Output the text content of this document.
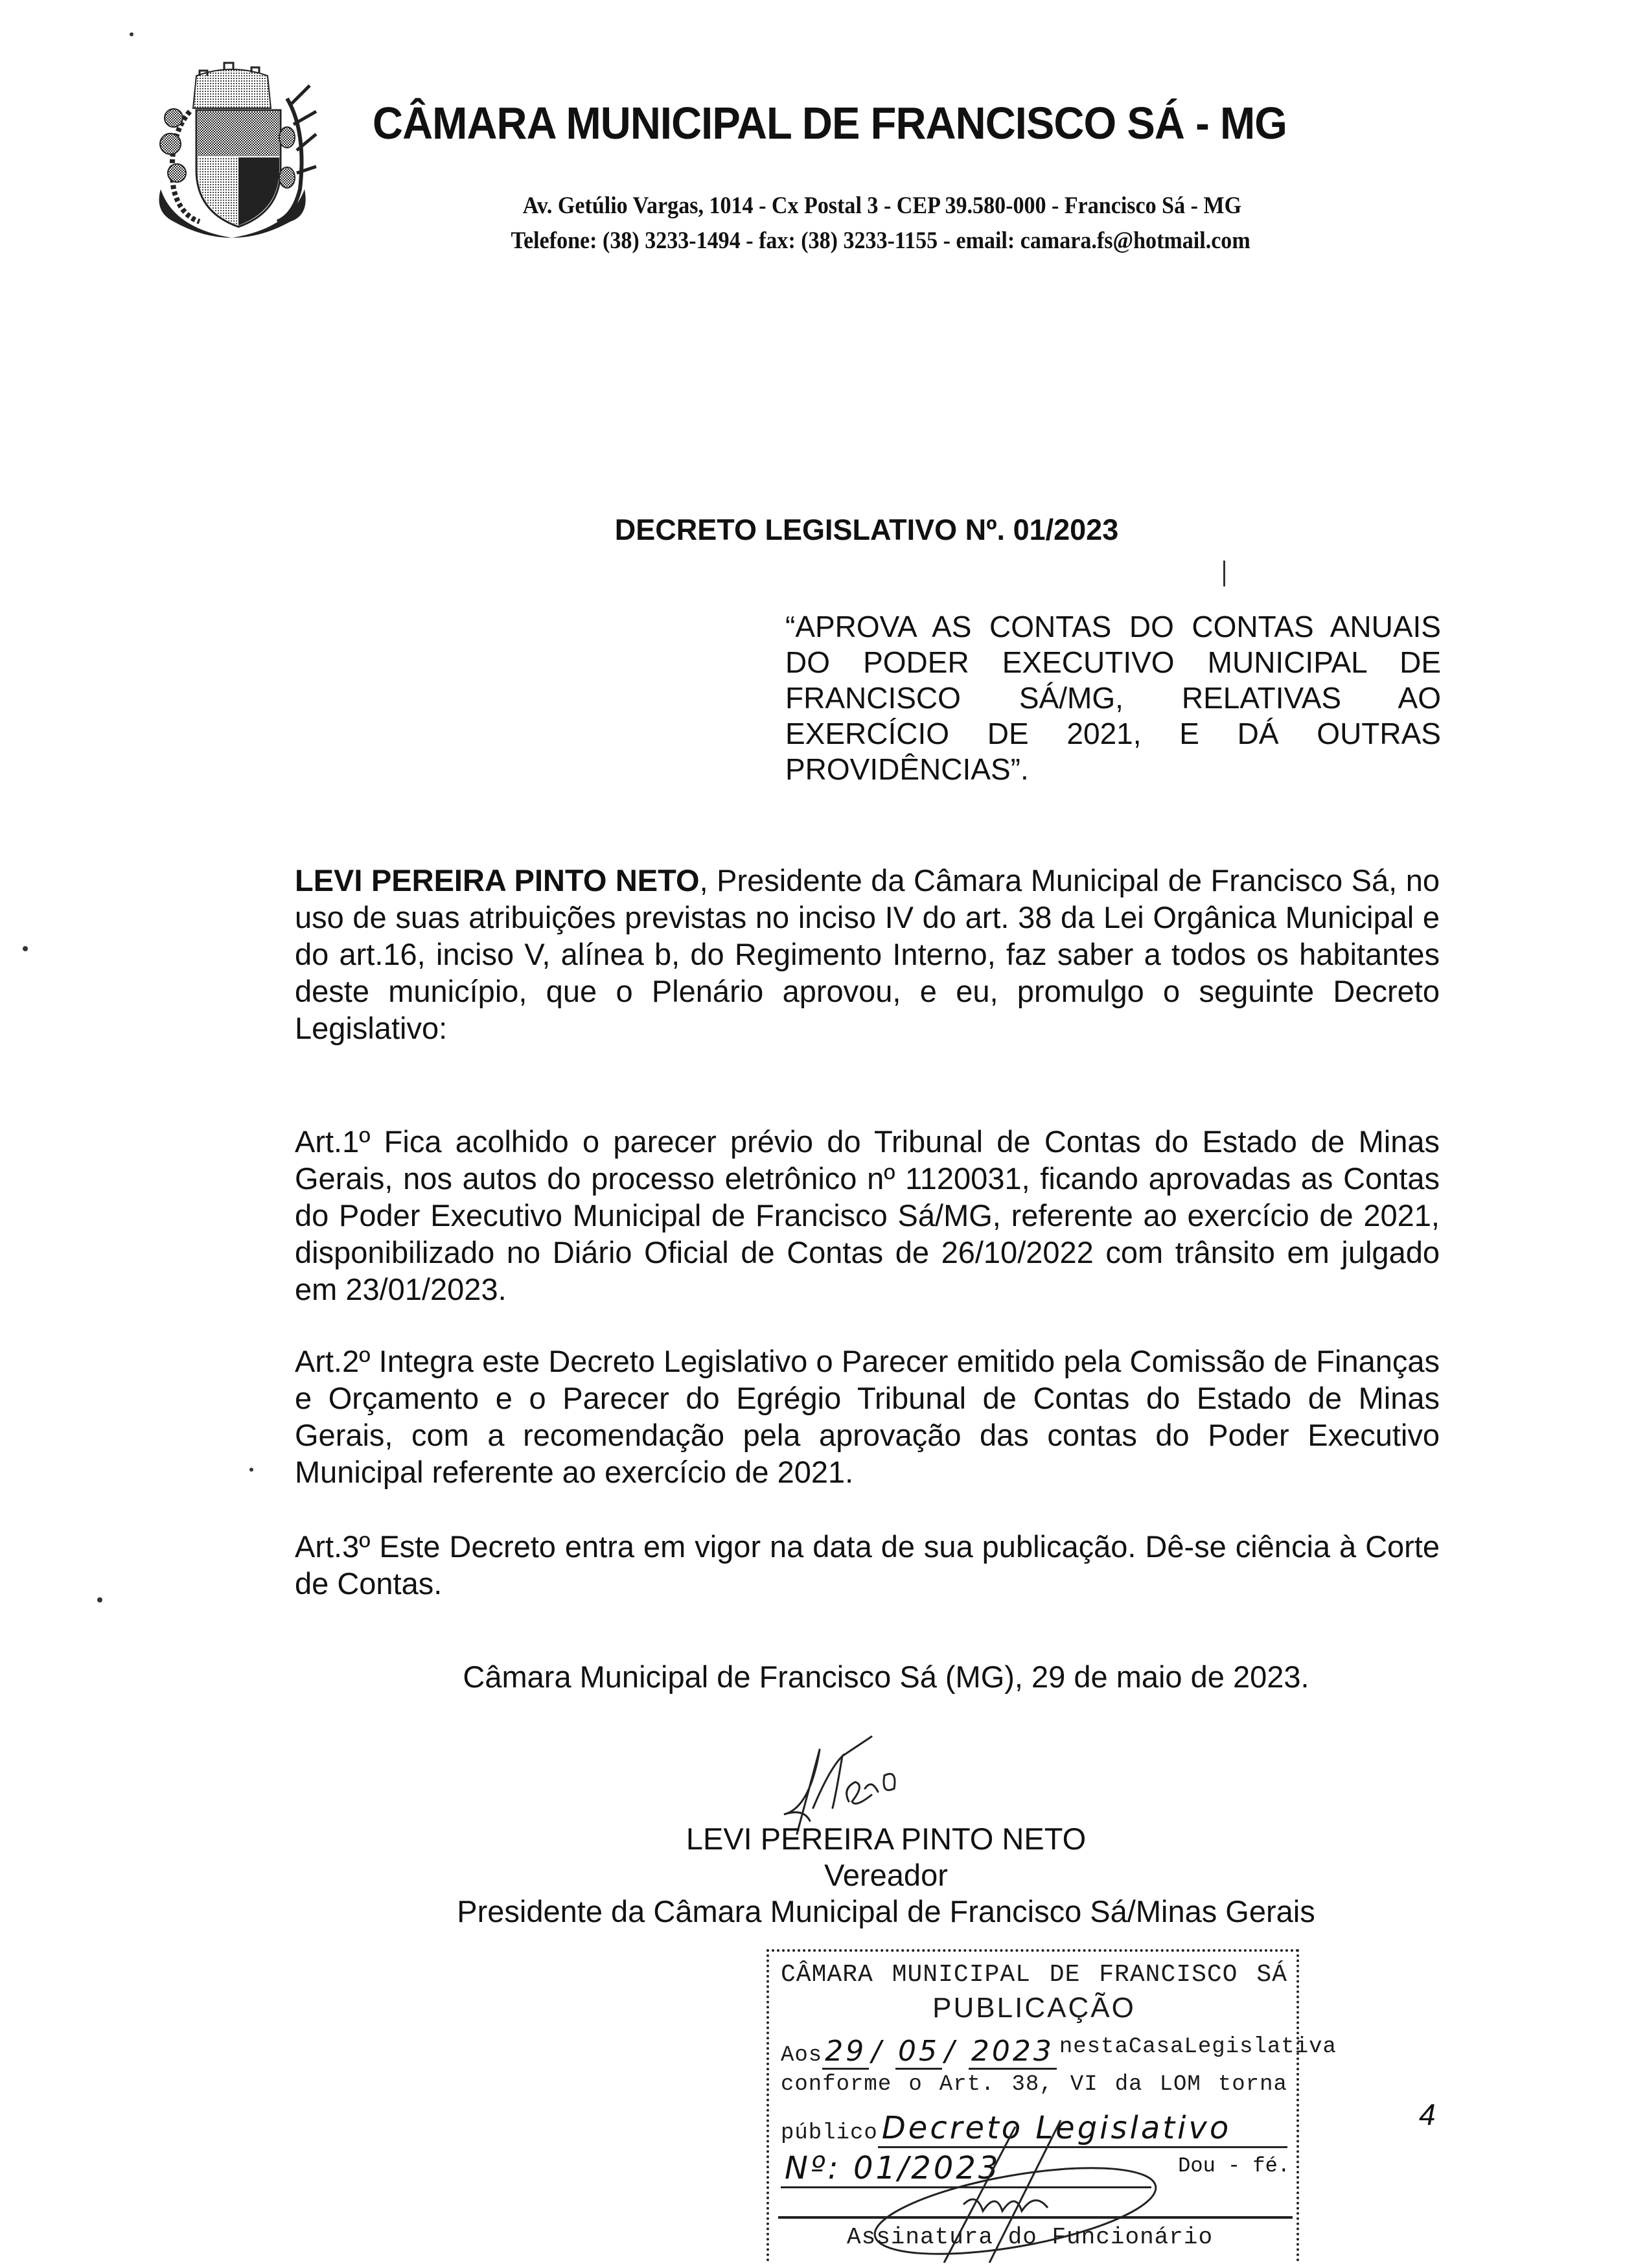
CÂMARA MUNICIPAL DE FRANCISCO SÁ - MG
Av. Getúlio Vargas, 1014 - Cx Postal 3 - CEP 39.580-000 - Francisco Sá - MG
Telefone: (38) 3233-1494 - fax: (38) 3233-1155 - email: camara.fs@hotmail.com
DECRETO LEGISLATIVO Nº. 01/2023
“APROVA AS CONTAS DO CONTAS ANUAIS DO PODER EXECUTIVO MUNICIPAL DE FRANCISCO SÁ/MG, RELATIVAS AO EXERCÍCIO DE 2021, E DÁ OUTRAS PROVIDÊNCIAS”.
LEVI PEREIRA PINTO NETO, Presidente da Câmara Municipal de Francisco Sá, no uso de suas atribuições previstas no inciso IV do art. 38 da Lei Orgânica Municipal e do art.16, inciso V, alínea b, do Regimento Interno, faz saber a todos os habitantes deste município, que o Plenário aprovou, e eu, promulgo o seguinte Decreto Legislativo:
Art.1º Fica acolhido o parecer prévio do Tribunal de Contas do Estado de Minas Gerais, nos autos do processo eletrônico nº 1120031, ficando aprovadas as Contas do Poder Executivo Municipal de Francisco Sá/MG, referente ao exercício de 2021, disponibilizado no Diário Oficial de Contas de 26/10/2022 com trânsito em julgado em 23/01/2023.
Art.2º Integra este Decreto Legislativo o Parecer emitido pela Comissão de Finanças e Orçamento e o Parecer do Egrégio Tribunal de Contas do Estado de Minas Gerais, com a recomendação pela aprovação das contas do Poder Executivo Municipal referente ao exercício de 2021.
Art.3º Este Decreto entra em vigor na data de sua publicação. Dê-se ciência à Corte de Contas.
Câmara Municipal de Francisco Sá (MG), 29 de maio de 2023.
LEVI PEREIRA PINTO NETO
Vereador
Presidente da Câmara Municipal de Francisco Sá/Minas Gerais
CÂMARA MUNICIPAL DE FRANCISCO SÁ
PUBLICAÇÃO
Aos29 / 05 / 2023 nesta Casa Legislativa
conforme o Art. 38, VI da LOM torna
público Decreto Legislativo
Nº: 01/2023	Dou - fé.
Assinatura do Funcionário
4
